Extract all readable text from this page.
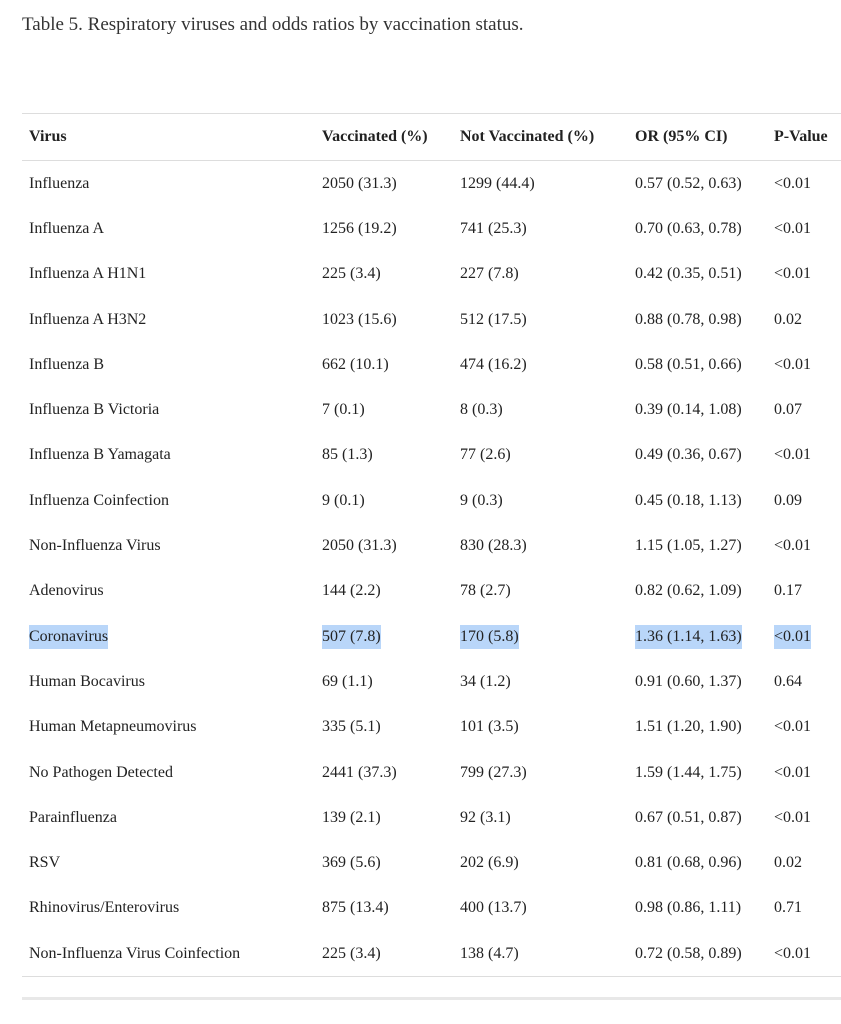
Table 5. Respiratory viruses and odds ratios by vaccination status.
Virus	Vaccinated (%)	Not Vaccinated (%)	OR (95% CI)	P-Value
Influenza	2050 (31.3)	1299 (44.4)	0.57 (0.52, 0.63)	<0.01
Influenza A	1256 (19.2)	741 (25.3)	0.70 (0.63, 0.78)	<0.01
Influenza A H1N1	225 (3.4)	227 (7.8)	0.42 (0.35, 0.51)	<0.01
Influenza A H3N2	1023 (15.6)	512 (17.5)	0.88 (0.78, 0.98)	0.02
Influenza B	662 (10.1)	474 (16.2)	0.58 (0.51, 0.66)	<0.01
Influenza B Victoria	7 (0.1)	8 (0.3)	0.39 (0.14, 1.08)	0.07
Influenza B Yamagata	85 (1.3)	77 (2.6)	0.49 (0.36, 0.67)	<0.01
Influenza Coinfection	9 (0.1)	9 (0.3)	0.45 (0.18, 1.13)	0.09
Non-Influenza Virus	2050 (31.3)	830 (28.3)	1.15 (1.05, 1.27)	<0.01
Adenovirus	144 (2.2)	78 (2.7)	0.82 (0.62, 1.09)	0.17
Coronavirus	507 (7.8)	170 (5.8)	1.36 (1.14, 1.63)	<0.01
Human Bocavirus	69 (1.1)	34 (1.2)	0.91 (0.60, 1.37)	0.64
Human Metapneumovirus	335 (5.1)	101 (3.5)	1.51 (1.20, 1.90)	<0.01
No Pathogen Detected	2441 (37.3)	799 (27.3)	1.59 (1.44, 1.75)	<0.01
Parainfluenza	139 (2.1)	92 (3.1)	0.67 (0.51, 0.87)	<0.01
RSV	369 (5.6)	202 (6.9)	0.81 (0.68, 0.96)	0.02
Rhinovirus/Enterovirus	875 (13.4)	400 (13.7)	0.98 (0.86, 1.11)	0.71
Non-Influenza Virus Coinfection	225 (3.4)	138 (4.7)	0.72 (0.58, 0.89)	<0.01
